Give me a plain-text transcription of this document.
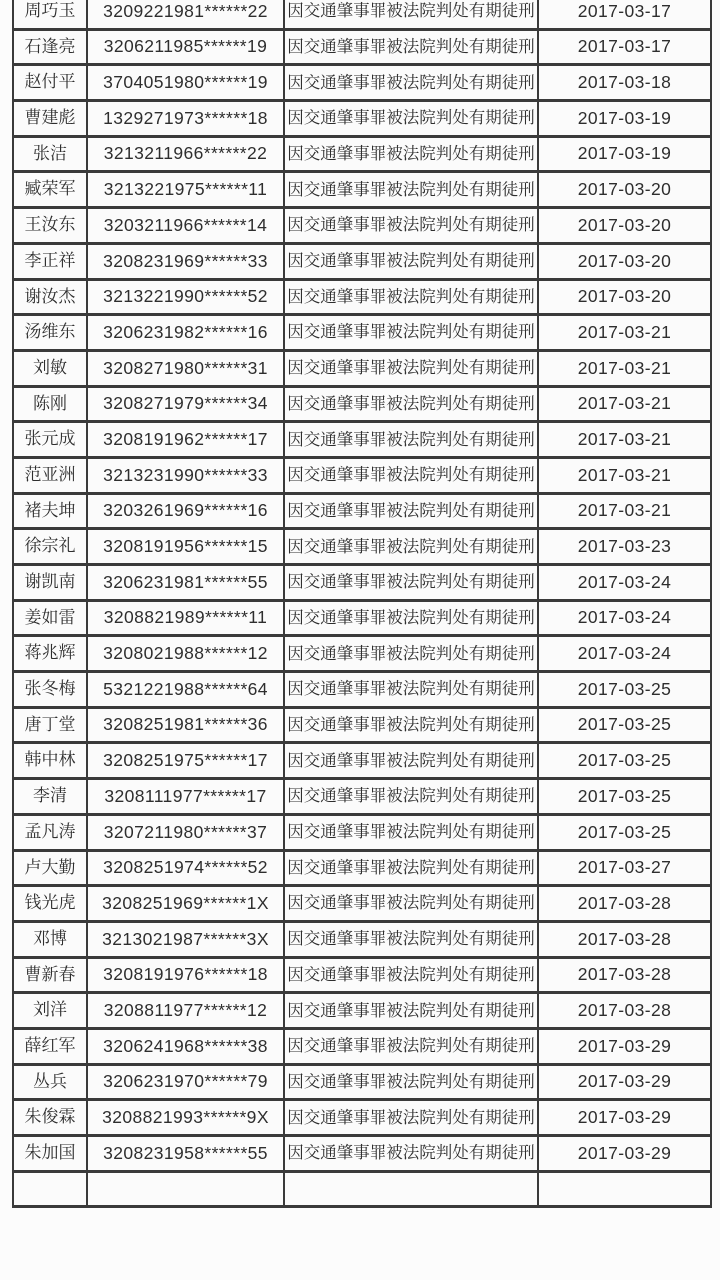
周巧玉	3209221981******22	因交通肇事罪被法院判处有期徒刑	2017-03-17
石逢亮	3206211985******19	因交通肇事罪被法院判处有期徒刑	2017-03-17
赵付平	3704051980******19	因交通肇事罪被法院判处有期徒刑	2017-03-18
曹建彪	1329271973******18	因交通肇事罪被法院判处有期徒刑	2017-03-19
张洁	3213211966******22	因交通肇事罪被法院判处有期徒刑	2017-03-19
臧荣军	3213221975******11	因交通肇事罪被法院判处有期徒刑	2017-03-20
王汝东	3203211966******14	因交通肇事罪被法院判处有期徒刑	2017-03-20
李正祥	3208231969******33	因交通肇事罪被法院判处有期徒刑	2017-03-20
谢汝杰	3213221990******52	因交通肇事罪被法院判处有期徒刑	2017-03-20
汤维东	3206231982******16	因交通肇事罪被法院判处有期徒刑	2017-03-21
刘敏	3208271980******31	因交通肇事罪被法院判处有期徒刑	2017-03-21
陈刚	3208271979******34	因交通肇事罪被法院判处有期徒刑	2017-03-21
张元成	3208191962******17	因交通肇事罪被法院判处有期徒刑	2017-03-21
范亚洲	3213231990******33	因交通肇事罪被法院判处有期徒刑	2017-03-21
褚夫坤	3203261969******16	因交通肇事罪被法院判处有期徒刑	2017-03-21
徐宗礼	3208191956******15	因交通肇事罪被法院判处有期徒刑	2017-03-23
谢凯南	3206231981******55	因交通肇事罪被法院判处有期徒刑	2017-03-24
姜如雷	3208821989******11	因交通肇事罪被法院判处有期徒刑	2017-03-24
蒋兆辉	3208021988******12	因交通肇事罪被法院判处有期徒刑	2017-03-24
张冬梅	5321221988******64	因交通肇事罪被法院判处有期徒刑	2017-03-25
唐丁堂	3208251981******36	因交通肇事罪被法院判处有期徒刑	2017-03-25
韩中林	3208251975******17	因交通肇事罪被法院判处有期徒刑	2017-03-25
李清	3208111977******17	因交通肇事罪被法院判处有期徒刑	2017-03-25
孟凡涛	3207211980******37	因交通肇事罪被法院判处有期徒刑	2017-03-25
卢大勤	3208251974******52	因交通肇事罪被法院判处有期徒刑	2017-03-27
钱光虎	3208251969******1X	因交通肇事罪被法院判处有期徒刑	2017-03-28
邓博	3213021987******3X	因交通肇事罪被法院判处有期徒刑	2017-03-28
曹新春	3208191976******18	因交通肇事罪被法院判处有期徒刑	2017-03-28
刘洋	3208811977******12	因交通肇事罪被法院判处有期徒刑	2017-03-28
薛红军	3206241968******38	因交通肇事罪被法院判处有期徒刑	2017-03-29
丛兵	3206231970******79	因交通肇事罪被法院判处有期徒刑	2017-03-29
朱俊霖	3208821993******9X	因交通肇事罪被法院判处有期徒刑	2017-03-29
朱加国	3208231958******55	因交通肇事罪被法院判处有期徒刑	2017-03-29
